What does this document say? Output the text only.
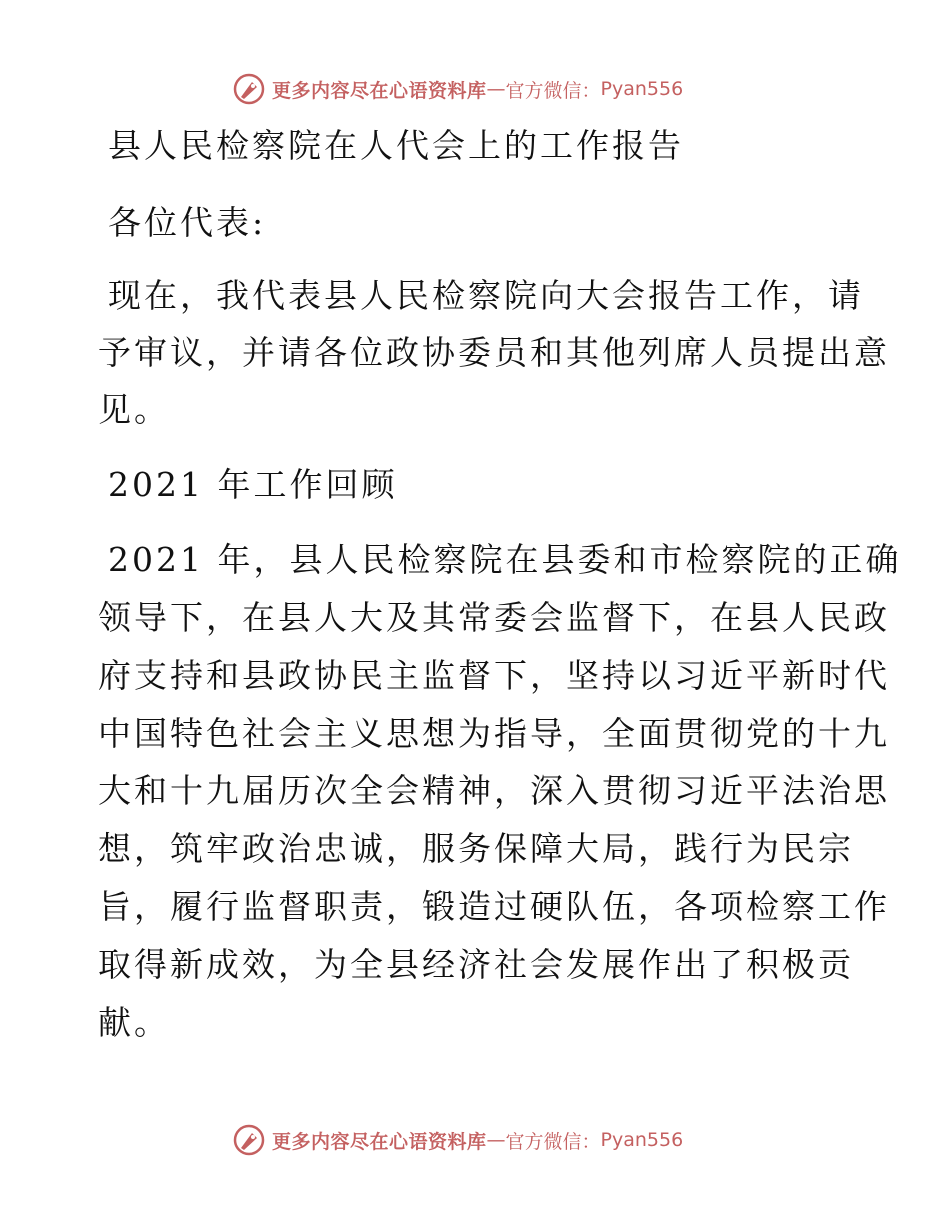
更多内容尽在心语资料库 — 官方微信： Pyan556
县人民检察院在人代会上的工作报告
各位代表:
现在，我代表县人民检察院向大会报告工作，请
予审议，并请各位政协委员和其他列席人员提出意
见。
2021 年工作回顾
2021 年，县人民检察院在县委和市检察院的正确
领导下，在县人大及其常委会监督下，在县人民政
府支持和县政协民主监督下，坚持以习近平新时代
中国特色社会主义思想为指导，全面贯彻党的十九
大和十九届历次全会精神，深入贯彻习近平法治思
想，筑牢政治忠诚，服务保障大局，践行为民宗
旨，履行监督职责，锻造过硬队伍，各项检察工作
取得新成效，为全县经济社会发展作出了积极贡
献。
更多内容尽在心语资料库 — 官方微信： Pyan556
